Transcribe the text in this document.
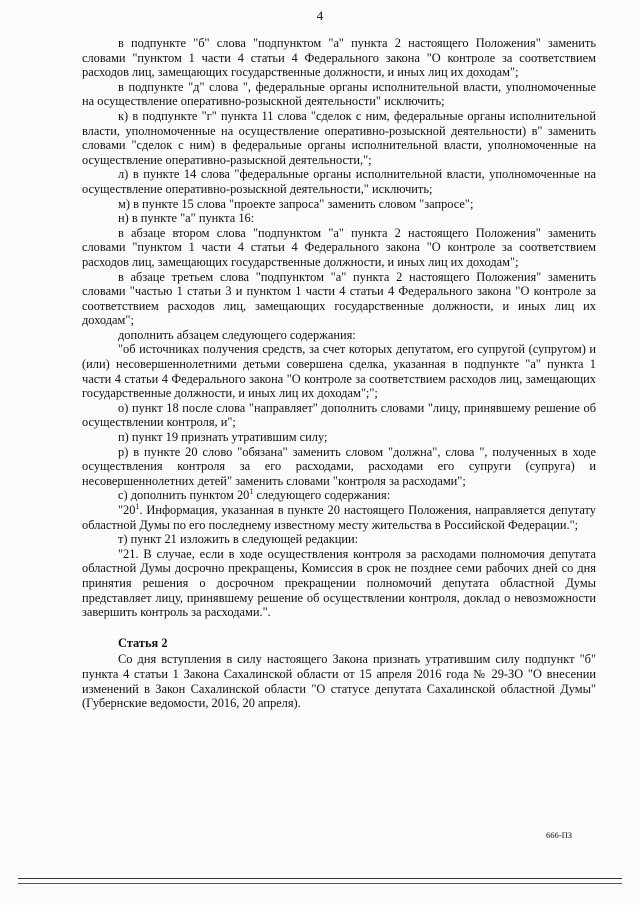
4

в подпункте "б" слова "подпунктом "а" пункта 2 настоящего Положения" заменить словами "пунктом 1 части 4 статьи 4 Федерального закона "О контроле за соответствием расходов лиц, замещающих государственные должности, и иных лиц их доходам";

в подпункте "д" слова ", федеральные органы исполнительной власти, уполномоченные на осуществление оперативно-розыскной деятельности" исключить;

к) в подпункте "г" пункта 11 слова "сделок с ним, федеральные органы исполнительной власти, уполномоченные на осуществление оперативно-розыскной деятельности) в" заменить словами "сделок с ним) в федеральные органы исполнительной власти, уполномоченные на осуществление оперативно-разыскной деятельности,";

л) в пункте 14 слова "федеральные органы исполнительной власти, уполномоченные на осуществление оперативно-розыскной деятельности," исключить;

м) в пункте 15 слова "проекте запроса" заменить словом "запросе";

н) в пункте "а" пункта 16:

в абзаце втором слова "подпунктом "а" пункта 2 настоящего Положения" заменить словами "пунктом 1 части 4 статьи 4 Федерального закона "О контроле за соответствием расходов лиц, замещающих государственные должности, и иных лиц их доходам";

в абзаце третьем слова "подпунктом "а" пункта 2 настоящего Положения" заменить словами "частью 1 статьи 3 и пунктом 1 части 4 статьи 4 Федерального закона "О контроле за соответствием расходов лиц, замещающих государственные должности, и иных лиц их доходам";

дополнить абзацем следующего содержания:

"об источниках получения средств, за счет которых депутатом, его супругой (супругом) и (или) несовершеннолетними детьми совершена сделка, указанная в подпункте "а" пункта 1 части 4 статьи 4 Федерального закона "О контроле за соответствием расходов лиц, замещающих государственные должности, и иных лиц их доходам";";

о) пункт 18 после слова "направляет" дополнить словами "лицу, принявшему решение об осуществлении контроля, и";

п) пункт 19 признать утратившим силу;

р) в пункте 20 слово "обязана" заменить словом "должна", слова ", полученных в ходе осуществления контроля за его расходами, расходами его супруги (супруга) и несовершеннолетних детей" заменить словами "контроля за расходами";

с) дополнить пунктом $20^1$ следующего содержания:

"$20^1$. Информация, указанная в пункте 20 настоящего Положения, направляется депутату областной Думы по его последнему известному месту жительства в Российской Федерации.";

т) пункт 21 изложить в следующей редакции:

"21. В случае, если в ходе осуществления контроля за расходами полномочия депутата областной Думы досрочно прекращены, Комиссия в срок не позднее семи рабочих дней со дня принятия решения о досрочном прекращении полномочий депутата областной Думы представляет лицу, принявшему решение об осуществлении контроля, доклад о невозможности завершить контроль за расходами.".

Статья 2

Со дня вступления в силу настоящего Закона признать утратившим силу подпункт "б" пункта 4 статьи 1 Закона Сахалинской области от 15 апреля 2016 года № 29-ЗО "О внесении изменений в Закон Сахалинской области "О статусе депутата Сахалинской областной Думы" (Губернские ведомости, 2016, 20 апреля).

666-ПЗ
